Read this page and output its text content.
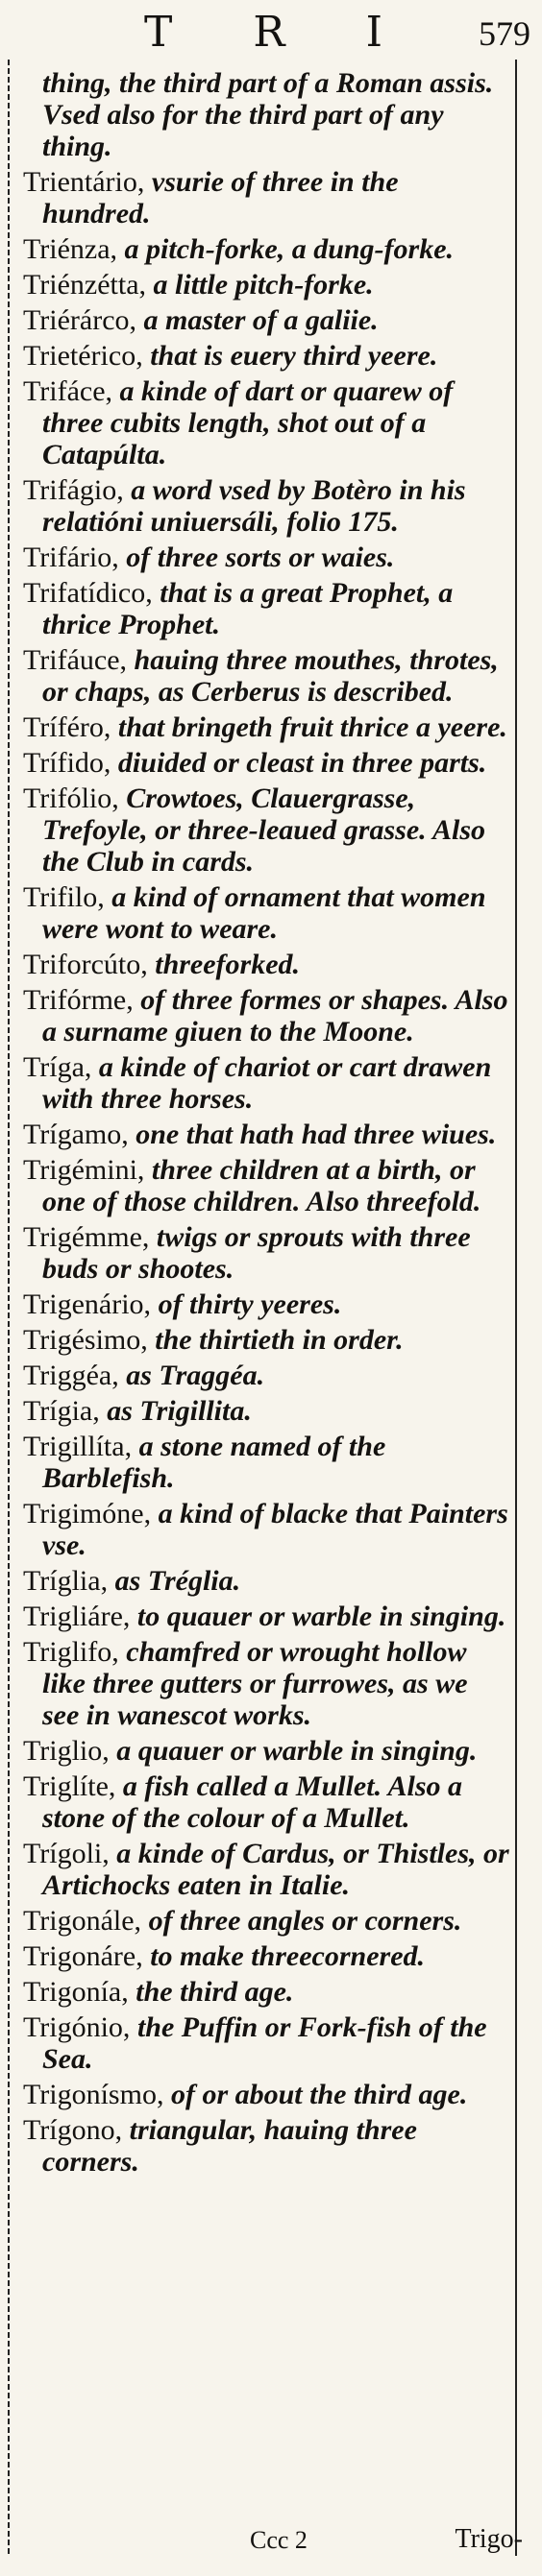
T R I	579

thing, the third part of a Roman assis. Vsed also for the third part of any thing.

Trientário, vsurie of three in the hundred.

Triénza, a pitch-forke, a dung-forke.

Triénzétta, a little pitch-forke.

Triérárco, a master of a galiie.

Trietérico, that is euery third yeere.

Trifáce, a kinde of dart or quarew of three cubits length, shot out of a Catapúlta.

Trifágio, a word vsed by Botèro in his relatióni uniuersáli, folio 175.

Trifário, of three sorts or waies.

Trifatídico, that is a great Prophet, a thrice Prophet.

Trifáuce, hauing three mouthes, throtes, or chaps, as Cerberus is described.

Tríféro, that bringeth fruit thrice a yeere.

Trífido, diuided or cleast in three parts.

Trifólio, Crowtoes, Clauergrasse, Trefoyle, or three-leaued grasse. Also the Club in cards.

Trifilo, a kind of ornament that women were wont to weare.

Triforcúto, threeforked.

Trifórme, of three formes or shapes. Also a surname giuen to the Moone.

Tríga, a kinde of chariot or cart drawen with three horses.

Trígamo, one that hath had three wiues.

Trigémini, three children at a birth, or one of those children. Also threefold.

Trigémme, twigs or sprouts with three buds or shootes.

Trigenário, of thirty yeeres.

Trigésimo, the thirtieth in order.

Triggéa, as Traggéa.

Trígia, as Trigillita.

Trigillíta, a stone named of the Barblefish.

Trigimóne, a kind of blacke that Painters vse.

Tríglia, as Tréglia.

Trigliáre, to quauer or warble in singing.

Triglifo, chamfred or wrought hollow like three gutters or furrowes, as we see in wanescot works.

Triglio, a quauer or warble in singing.

Triglíte, a fish called a Mullet. Also a stone of the colour of a Mullet.

Trígoli, a kinde of Cardus, or Thistles, or Artichocks eaten in Italie.

Trigonále, of three angles or corners.

Trigonáre, to make threecornered.

Trigonía, the third age.

Trigónio, the Puffin or Fork-fish of the Sea.

Trigonísmo, of or about the third age.

Trígono, triangular, hauing three corners.

Ccc 2	Trigo-
